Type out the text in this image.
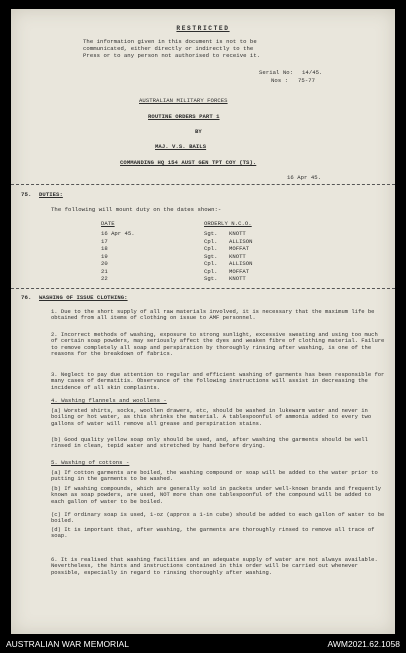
RESTRICTED
The information given in this document is not to be
communicated, either directly or indirectly to the
Press or to any person not authorised to receive it.
Serial No: 14/45.
Nos : 75-77
AUSTRALIAN MILITARY FORCES
ROUTINE ORDERS PART 1
BY
MAJ. V.S. BAILS
COMMANDING HQ 154 AUST GEN TPT COY (TS).
16 Apr 45.
75. DUTIES:
The following will mount duty on the dates shown:-
DATE	ORDERLY N.C.O.
16 Apr 45.	Sgt. KNOTT
17	Cpl. ALLISON
18	Cpl. MOFFAT
19	Sgt. KNOTT
20	Cpl. ALLISON
21	Cpl. MOFFAT
22	Sgt. KNOTT
76. WASHING OF ISSUE CLOTHING:
1. Due to the short supply of all raw materials involved, it is necessary that the maximum life be obtained from all items of clothing on issue to AMF personnel.
2. Incorrect methods of washing, exposure to strong sunlight, excessive sweating and using too much of certain soap powders, may seriously affect the dyes and weaken fibre of clothing material. Failure to remove completely all soap and perspiration by thoroughly rinsing after washing, is one of the reasons for the breakdown of fabrics.
3. Neglect to pay due attention to regular and efficient washing of garments has been responsible for many cases of dermatitis. Observance of the following instructions will assist in decreasing the incidence of all skin complaints.
4. Washing flannels and woollens -
(a) Worsted shirts, socks, woollen drawers, etc, should be washed in lukewarm water and never in boiling or hot water, as this shrinks the material. A tablespoonful of ammonia added to every two gallons of water will remove all grease and perspiration stains.
(b) Good quality yellow soap only should be used, and, after washing the garments should be well rinsed in clean, tepid water and stretched by hand before drying.
5. Washing of cottons -
(a) If cotton garments are boiled, the washing compound or soap will be added to the water prior to putting in the garments to be washed.
(b) If washing compounds, which are generally sold in packets under well-known brands and frequently known as soap powders, are used, NOT more than one tablespoonful of the compound will be added to each gallon of water to be boiled.
(c) If ordinary soap is used, 1-oz (approx a 1-in cube) should be added to each gallon of water to be boiled.
(d) It is important that, after washing, the garments are thoroughly rinsed to remove all trace of soap.
6. It is realised that washing facilities and an adequate supply of water are not always available. Nevertheless, the hints and instructions contained in this order will be carried out whenever possible, especially in regard to rinsing thoroughly after washing.
AUSTRALIAN WAR MEMORIAL	AWM2021.62.1058
